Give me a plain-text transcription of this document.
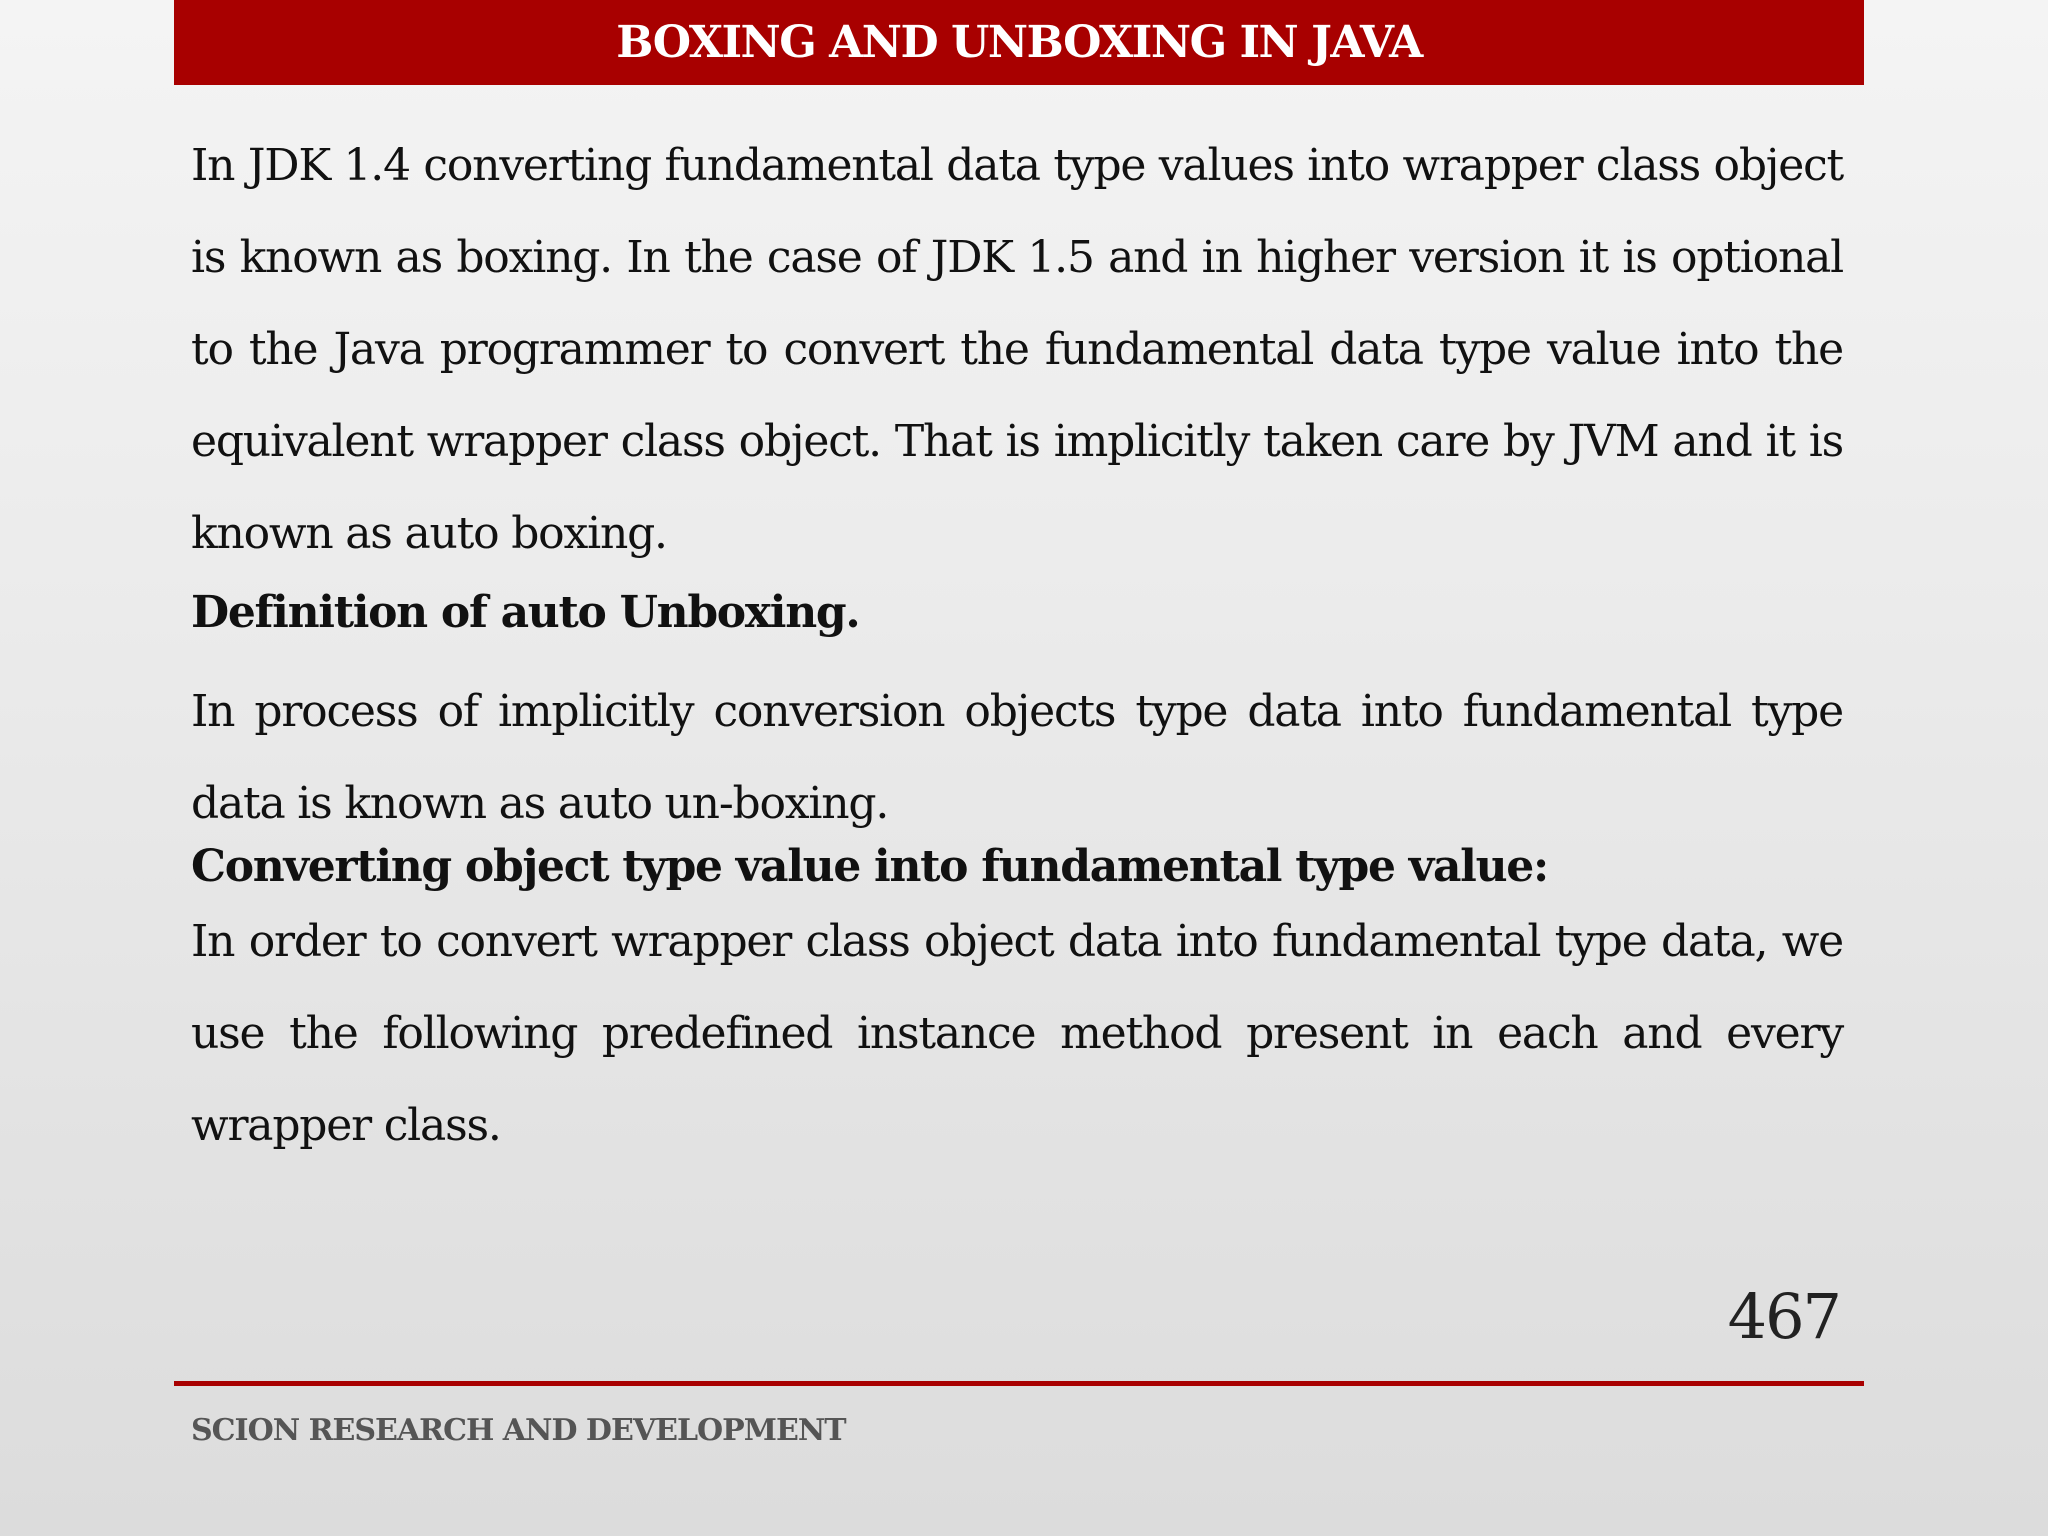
BOXING AND UNBOXING IN JAVA

In JDK 1.4 converting fundamental data type values into wrapper class object is known as boxing. In the case of JDK 1.5 and in higher version it is optional to the Java programmer to convert the fundamental data type value into the equivalent wrapper class object. That is implicitly taken care by JVM and it is known as auto boxing.

Definition of auto Unboxing.

In process of implicitly conversion objects type data into fundamental type data is known as auto un-boxing.

Converting object type value into fundamental type value:

In order to convert wrapper class object data into fundamental type data, we use the following predefined instance method present in each and every wrapper class.

467
SCION RESEARCH AND DEVELOPMENT
